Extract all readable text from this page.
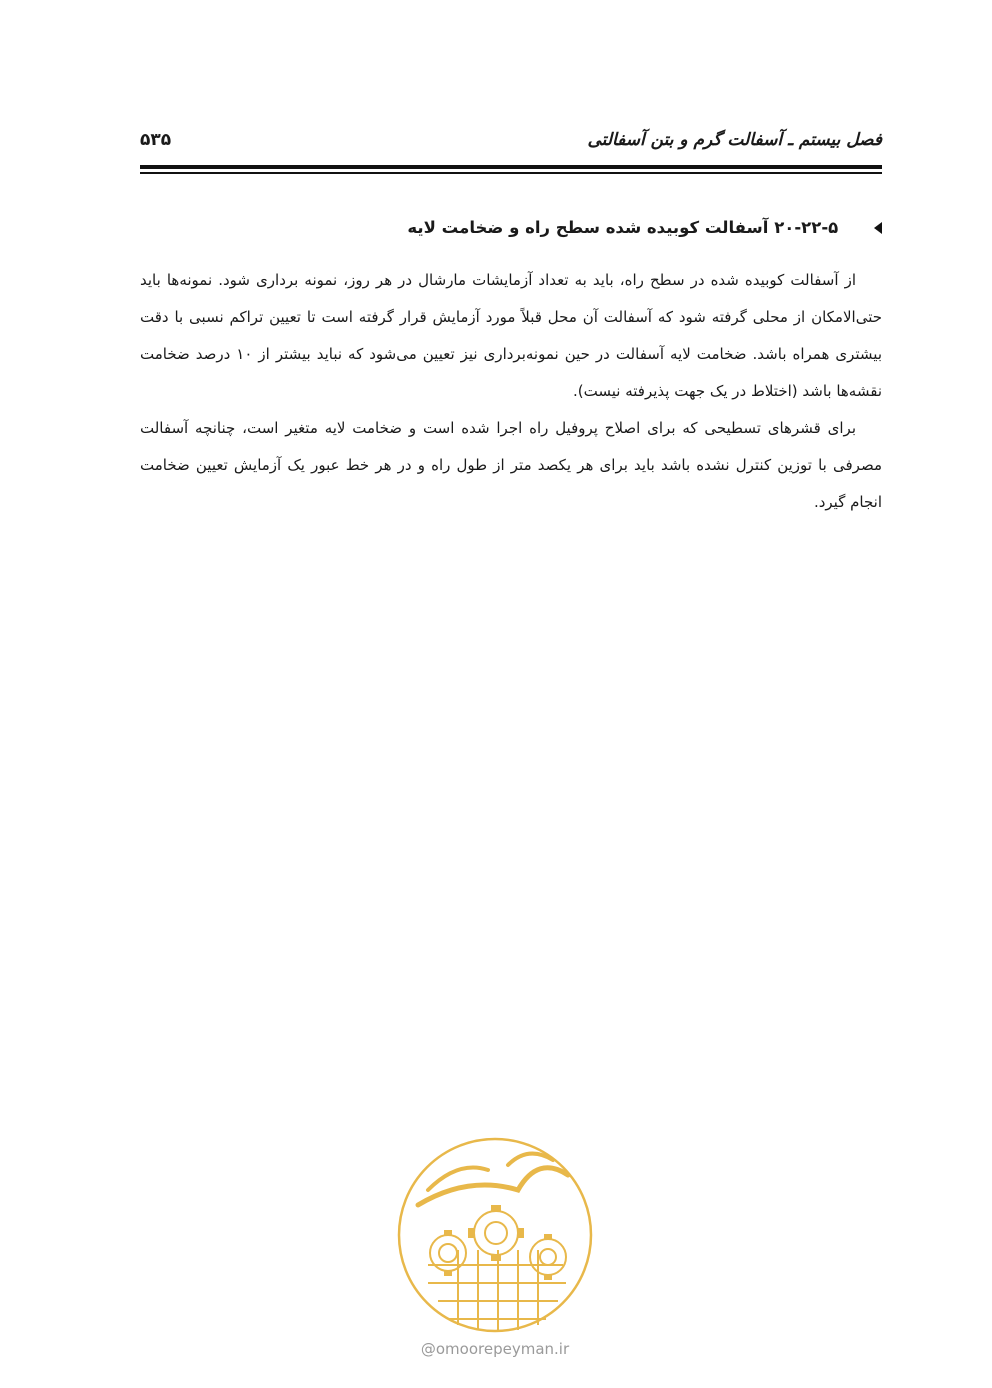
فصل بیستم ـ آسفالت گرم و بتن آسفالتی
۵۳۵
۲۰-۲۲-۵ آسفالت کوبیده شده سطح راه و ضخامت لایه

از آسفالت کوبیده شده در سطح راه، باید به تعداد آزمایشات مارشال در هر روز، نمونه برداری شود. نمونه‌ها باید حتی‌الامکان از محلی گرفته شود که آسفالت آن محل قبلاً مورد آزمایش قرار گرفته است تا تعیین تراکم نسبی با دقت بیشتری همراه باشد. ضخامت لایه آسفالت در حین نمونه‌برداری نیز تعیین می‌شود که نباید بیشتر از ۱۰ درصد ضخامت نقشه‌ها باشد (اختلاط در یک جهت پذیرفته نیست).

برای قشرهای تسطیحی که برای اصلاح پروفیل راه اجرا شده است و ضخامت لایه متغیر است، چنانچه آسفالت مصرفی با توزین کنترل نشده باشد باید برای هر یکصد متر از طول راه و در هر خط عبور یک آزمایش تعیین ضخامت انجام گیرد.

@omoorepeyman.ir
